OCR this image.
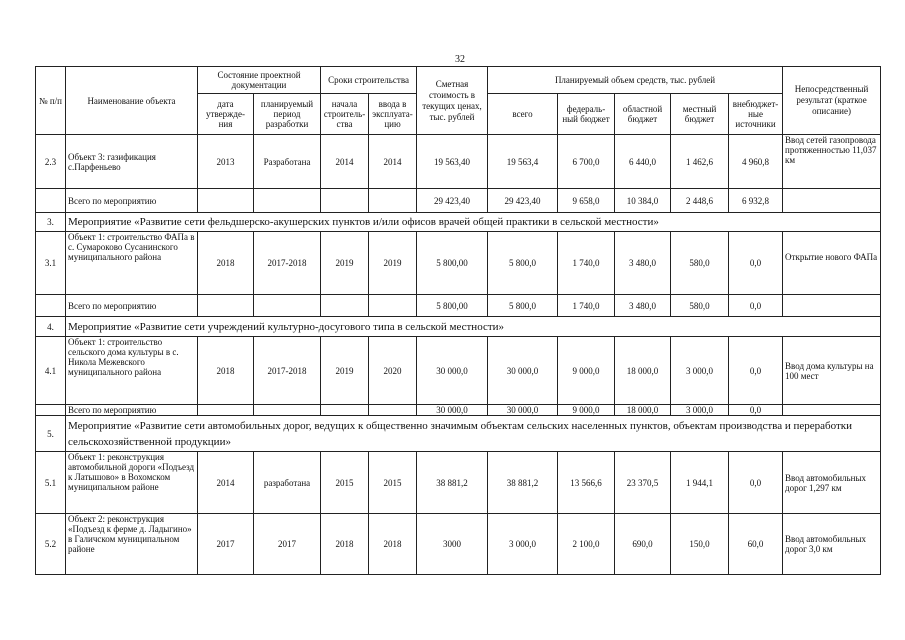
32
№ п/п	Наименование объекта	Состояние проектной документации		Сроки строительства		Сметная стоимость в текущих ценах, тыс. рублей	Планируемый объем средств, тыс. рублей					Непосредственный результат (краткое описание)
		дата утвержде-ния	планируемый период разработки	начала строитель-ства	ввода в эксплуата-цию		всего	федераль-ный бюджет	областной бюджет	местный бюджет	внебюджет-ные источники	
2.3	Объект 3: газификация с.Парфеньево	2013	Разработана	2014	2014	19 563,40	19 563,4	6 700,0	6 440,0	1 462,6	4 960,8	Ввод сетей газопровода протяженностью 11,037 км
	Всего по мероприятию					29 423,40	29 423,40	9 658,0	10 384,0	2 448,6	6 932,8	
3.	Мероприятие «Развитие сети фельдшерско-акушерских пунктов и/или офисов врачей общей практики в сельской местности»											
3.1	Объект 1: строительство ФАПа в с. Сумароково Сусанинского муниципального района	2018	2017-2018	2019	2019	5 800,00	5 800,0	1 740,0	3 480,0	580,0	0,0	Открытие нового ФАПа
	Всего по мероприятию					5 800,00	5 800,0	1 740,0	3 480,0	580,0	0,0	
4.	Мероприятие «Развитие сети учреждений культурно-досугового типа в сельской местности»											
4.1	Объект 1: строительство сельского дома культуры в с. Никола Межевского муниципального района	2018	2017-2018	2019	2020	30 000,0	30 000,0	9 000,0	18 000,0	3 000,0	0,0	Ввод дома культуры на 100 мест
	Всего по мероприятию					30 000,0	30 000,0	9 000,0	18 000,0	3 000,0	0,0	
5.	Мероприятие «Развитие сети автомобильных дорог, ведущих к общественно значимым объектам сельских населенных пунктов, объектам производства и переработки сельскохозяйственной продукции»											
5.1	Объект 1: реконструкция автомобильной дороги «Подъезд к Латышово» в Вохомском муниципальном районе	2014	разработана	2015	2015	38 881,2	38 881,2	13 566,6	23 370,5	1 944,1	0,0	Ввод автомобильных дорог 1,297 км
5.2	Объект 2: реконструкция «Подъезд к ферме д. Ладыгино» в Галичском муниципальном районе	2017	2017	2018	2018	3000	3 000,0	2 100,0	690,0	150,0	60,0	Ввод автомобильных дорог 3,0 км
